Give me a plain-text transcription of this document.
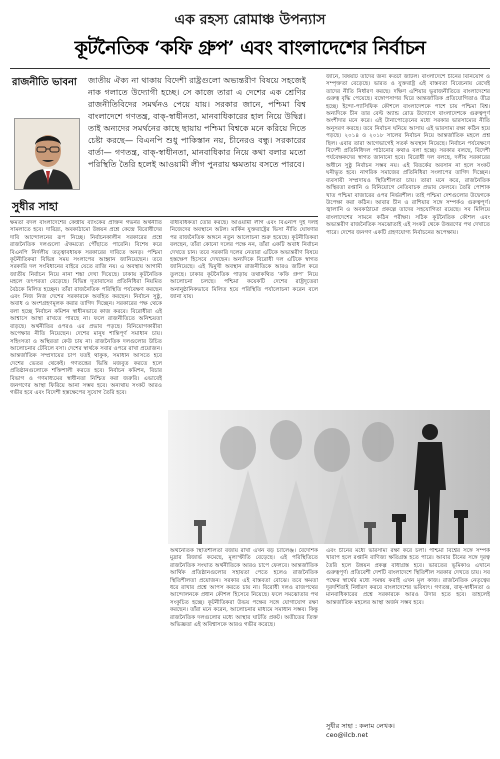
এক রহস্য রোমাঞ্চ উপন্যাস
কূটনৈতিক ‘কফি গ্রুপ’ এবং বাংলাদেশের নির্বাচন
রাজনীতি ভাবনা
সুধীর সাহা
জাতীয় ঐক্য না থাকায় বিদেশী রাষ্ট্রগুলো অভ্যন্তরীণ বিষয়ে সহজেই নাক গলাতে উদ্যোগী হচ্ছে। সে কাজে তারা এ দেশের এক শ্রেণির রাজনীতিবিদের সমর্থনও পেয়ে যায়। সরকার জানে, পশ্চিমা বিশ্ব বাংলাদেশে গণতন্ত্র, বাক্‌-স্বাধীনতা, মানবাধিকারের হাল নিয়ে উদ্বিগ্ন। তাই অন্যদের সমর্থনের কাছে ছায়ায় পশ্চিমা বিশ্বকে মনে করিয়ে দিতে চেষ্টা করছে— বিএনপি শুধু পাকিস্তান নয়, চীনেরও বন্ধু। সরকারের বার্তা— গণতন্ত্র, বাক্‌-স্বাধীনতা, মানবাধিকার নিয়ে কথা বলার মতো পরিস্থিতি তৈরি হলেই আওয়ামী লীগ পুনরায় ক্ষমতায় বসতে পারবে।
ক্ষমতা বদল বাংলাদেশের কেন্দ্রীয় ব্যাংকের প্রাক্তন গভর্নর অর্থনীতি সামলাতে হবে। দারিদ্র্য, অবকাঠামো উন্নয়ন প্রশ্নে কেন্দ্রে বিরোধীদের দাবি আন্দোলনের রূপ নিচ্ছে। নির্বাচনকালীন সরকারের প্রশ্নে রাজনৈতিক দলগুলো ঐকমত্যে পৌঁছাতে পারেনি। বিশেষ করে বিএনপি নির্দলীয় তত্ত্বাবধায়ক সরকারের দাবিতে অনড়। পশ্চিমা কূটনীতিকরা বিভিন্ন সময় সংলাপের আহ্বান জানিয়েছেন। তবে সরকারি দল সংবিধানের বাইরে যেতে রাজি নয়। এ অবস্থায় আগামী জাতীয় নির্বাচন নিয়ে নানা শঙ্কা দেখা দিয়েছে। ঢাকায় কূটনৈতিক মহলে তৎপরতা বেড়েছে। বিভিন্ন দূতাবাসের প্রতিনিধিরা নিয়মিত বৈঠকে মিলিত হচ্ছেন। তাঁরা রাজনৈতিক পরিস্থিতি পর্যবেক্ষণ করছেন এবং নিজ নিজ দেশের সরকারকে অবহিত করছেন। নির্বাচন সুষ্ঠু, অবাধ ও অংশগ্রহণমূলক করার তাগিদ দিচ্ছেন। সরকারের পক্ষ থেকে বলা হচ্ছে নির্বাচন কমিশন স্বাধীনভাবে কাজ করবে। বিরোধীরা এই আশ্বাসে আস্থা রাখতে পারছে না। ফলে রাজনীতিতে অনিশ্চয়তা বাড়ছে। অর্থনীতির ওপরও এর প্রভাব পড়ছে। বিনিয়োগকারীরা অপেক্ষার নীতি নিয়েছেন। দেশের মানুষ শান্তিপূর্ণ সমাধান চায়। সহিংসতা ও অস্থিরতা কেউ চায় না। রাজনৈতিক দলগুলোর উচিত আলোচনার টেবিলে বসা। দেশের স্বার্থকে সবার ওপরে রাখা প্রয়োজন। আন্তর্জাতিক সম্প্রদায়ের চাপ যতই থাকুক, সমাধান আসতে হবে দেশের ভেতর থেকেই। গণতন্ত্রের ভিত্তি মজবুত করতে হলে প্রতিষ্ঠানগুলোকে শক্তিশালী করতে হবে। নির্বাচন কমিশন, বিচার বিভাগ ও গণমাধ্যমের স্বাধীনতা নিশ্চিত করা জরুরি। এভাবেই জনগণের আস্থা ফিরিয়ে আনা সম্ভব হবে। অন্যথায় সংকট আরও গভীর হবে এবং বিদেশী হস্তক্ষেপের সুযোগ তৈরি হবে।
বাধ্যবাধকতা তৈরি করছে। আওয়ামী লীগ এবং বিএনপি দুই দলই নিজেদের অবস্থানে অটল। মার্কিন যুক্তরাষ্ট্রের ভিসা নীতি ঘোষণার পর রাজনৈতিক অঙ্গনে নতুন আলোচনা শুরু হয়েছে। কূটনীতিকরা বলছেন, তাঁরা কোনো দলের পক্ষে নন, তাঁরা একটি অবাধ নির্বাচন দেখতে চান। তবে সরকারি দলের নেতারা এটিকে অভ্যন্তরীণ বিষয়ে হস্তক্ষেপ হিসেবে দেখছেন। অন্যদিকে বিরোধী দল এটিকে স্বাগত জানিয়েছে। এই দ্বিমুখী অবস্থান রাজনীতিকে আরও জটিল করে তুলছে। ঢাকার কূটনৈতিক পাড়ায় তথাকথিত ‘কফি গ্রুপ’ নিয়ে আলোচনা চলছে। পশ্চিমা কয়েকটি দেশের রাষ্ট্রদূতেরা অনানুষ্ঠানিকভাবে মিলিত হয়ে পরিস্থিতি পর্যালোচনা করেন বলে জানা যায়।
জানে, বিষয়টি তাদের জন্য কতটা জটিল। বাংলাদেশে চীনের বিনিয়োগ ও সম্পৃক্ততা বেড়েছে। ভারত ও যুক্তরাষ্ট্র এই বাস্তবতা বিবেচনায় রেখেই তাদের নীতি নির্ধারণ করছে। দক্ষিণ এশিয়ার ভূরাজনীতিতে বাংলাদেশের গুরুত্ব বৃদ্ধি পেয়েছে। বঙ্গোপসাগর ঘিরে আন্তর্জাতিক প্রতিযোগিতাও তীব্র হচ্ছে। ইন্দো-প্যাসিফিক কৌশলে বাংলাদেশকে পাশে চায় পশ্চিমা বিশ্ব। অন্যদিকে চীন তার বেল্ট অ্যান্ড রোড উদ্যোগে বাংলাদেশকে গুরুত্বপূর্ণ অংশীদার মনে করে। এই টানাপোড়েনের মধ্যে সরকার ভারসাম্যের নীতি অনুসরণ করছে। তবে নির্বাচন ঘনিয়ে আসায় এই ভারসাম্য রক্ষা কঠিন হয়ে পড়ছে। ২০১৪ ও ২০১৮ সালের নির্বাচন নিয়ে আন্তর্জাতিক মহলে প্রশ্ন ছিল। এবার তারা আগেভাগেই সতর্ক অবস্থান নিয়েছে। নির্বাচন পর্যবেক্ষণে বিদেশী প্রতিনিধিদল পাঠানোর কথাও বলা হচ্ছে। সরকার বলছে, বিদেশী পর্যবেক্ষকদের স্বাগত জানানো হবে। বিরোধী দল বলছে, দলীয় সরকারের অধীনে সুষ্ঠু নির্বাচন সম্ভব নয়। এই বিতর্কের অবসান না হলে সংকট ঘনীভূত হবে। নাগরিক সমাজের প্রতিনিধিরা সংলাপের তাগিদ দিচ্ছেন। ব্যবসায়ী সম্প্রদায়ও স্থিতিশীলতা চায়। তারা মনে করে, রাজনৈতিক অস্থিরতা রপ্তানি ও বিনিয়োগে নেতিবাচক প্রভাব ফেলবে। তৈরি পোশাক খাত পশ্চিমা বাজারের ওপর নির্ভরশীল। তাই পশ্চিমা দেশগুলোর উদ্বেগকে উপেক্ষা করা কঠিন। আবার চীন ও রাশিয়ার সঙ্গে সম্পর্কও গুরুত্বপূর্ণ। জ্বালানি ও অবকাঠামো প্রকল্পে তাদের সহযোগিতা রয়েছে। সব মিলিয়ে বাংলাদেশের সামনে কঠিন পরীক্ষা। সঠিক কূটনৈতিক কৌশল এবং অভ্যন্তরীণ রাজনৈতিক সমঝোতাই এই সংকট থেকে উত্তরণের পথ দেখাতে পারে। দেশের জনগণ একটি গ্রহণযোগ্য নির্বাচনের অপেক্ষায়।
অর্থনৈতিক স্থিতিশীলতা বজায় রাখা এখন বড় চ্যালেঞ্জ। বৈদেশিক মুদ্রার রিজার্ভ কমেছে, মূল্যস্ফীতি বেড়েছে। এই পরিস্থিতিতে রাজনৈতিক সংঘাত অর্থনীতিকে আরও চাপে ফেলবে। আন্তর্জাতিক আর্থিক প্রতিষ্ঠানগুলোর সহায়তা পেতে হলেও রাজনৈতিক স্থিতিশীলতা প্রয়োজন। সরকার এই বাস্তবতা বোঝে। তবে ক্ষমতা ধরে রাখার প্রশ্নে আপস করতে চায় না। বিরোধী দলও রাজপথের আন্দোলনকে প্রধান কৌশল হিসেবে নিয়েছে। ফলে সমঝোতার পথ সংকুচিত হচ্ছে। কূটনীতিকরা উভয় পক্ষের সঙ্গে যোগাযোগ রক্ষা করছেন। তাঁরা মনে করেন, আলোচনার মাধ্যমে সমাধান সম্ভব। কিন্তু রাজনৈতিক দলগুলোর মধ্যে আস্থার ঘাটতি প্রকট। অতীতের তিক্ত অভিজ্ঞতা এই অবিশ্বাসকে আরও গভীর করেছে।
এবং চীনের মধ্যে ভারসাম্য রক্ষা করে চলা। পশ্চিমা বিশ্বের সঙ্গে সম্পর্ক খারাপ হলে রপ্তানি বাণিজ্য ক্ষতিগ্রস্ত হতে পারে। আবার চীনের সঙ্গে দূরত্ব তৈরি হলে উন্নয়ন প্রকল্প বাধাগ্রস্ত হবে। ভারতের ভূমিকাও এখানে গুরুত্বপূর্ণ। প্রতিবেশী দেশটি বাংলাদেশে স্থিতিশীল সরকার দেখতে চায়। সব পক্ষের স্বার্থের মধ্যে সমন্বয় করাই এখন মূল কাজ। রাজনৈতিক নেতৃত্বের দূরদর্শিতাই নির্ধারণ করবে বাংলাদেশের ভবিষ্যৎ। গণতন্ত্র, বাক্‌-স্বাধীনতা ও মানবাধিকারের প্রশ্নে সরকারকে আরও উদার হতে হবে। তাহলেই আন্তর্জাতিক মহলের আস্থা অর্জন সম্ভব হবে।
সুধীর সাহা : কলাম লেখক।
ceo@ilcb.net
